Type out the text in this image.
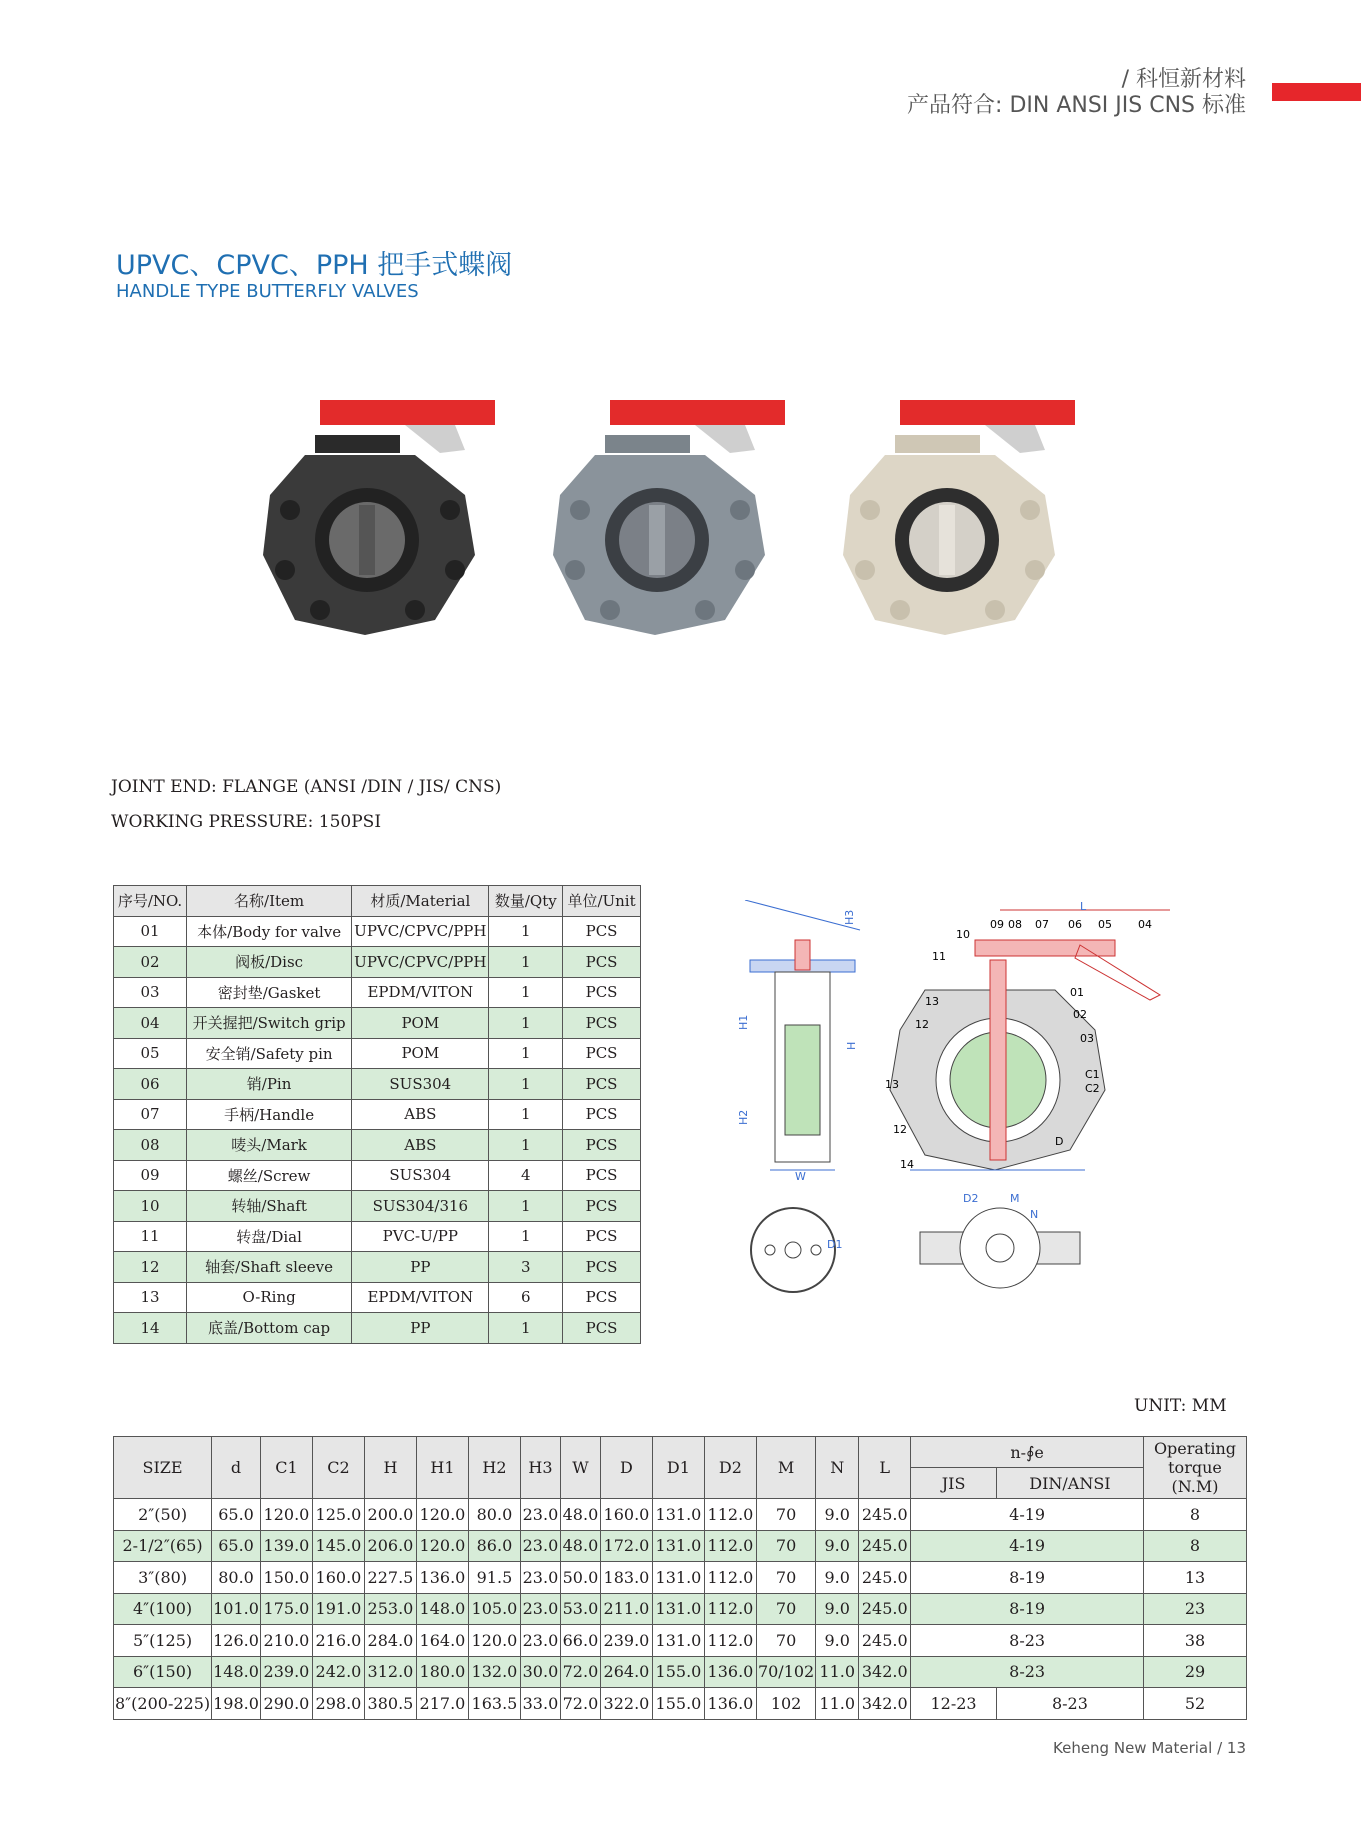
/ 科恒新材料
产品符合: DIN ANSI JIS CNS 标准
UPVC、CPVC、PPH 把手式蝶阀
HANDLE TYPE BUTTERFLY VALVES
JOINT END: FLANGE (ANSI /DIN / JIS/ CNS)
WORKING PRESSURE: 150PSI
序号/NO.	名称/Item	材质/Material	数量/Qty	单位/Unit
01	本体/Body for valve	UPVC/CPVC/PPH	1	PCS
02	阀板/Disc	UPVC/CPVC/PPH	1	PCS
03	密封垫/Gasket	EPDM/VITON	1	PCS
04	开关握把/Switch grip	POM	1	PCS
05	安全销/Safety pin	POM	1	PCS
06	销/Pin	SUS304	1	PCS
07	手柄/Handle	ABS	1	PCS
08	唛头/Mark	ABS	1	PCS
09	螺丝/Screw	SUS304	4	PCS
10	转轴/Shaft	SUS304/316	1	PCS
11	转盘/Dial	PVC-U/PP	1	PCS
12	轴套/Shaft sleeve	PP	3	PCS
13	O-Ring	EPDM/VITON	6	PCS
14	底盖/Bottom cap	PP	1	PCS
H3
H1
H
H2
W
L
09 08 07 06 05 04
10
11
01
13
12
02
03
C1
C2
13
12
14
D
D1
D2	M
N
UNIT: MM
SIZE	d	C1	C2	H	H1	H2	H3	W	D	D1	D2	M	N	L	n-∮e		Operating torque (N.M)
															JIS	DIN/ANSI	
2″(50)	65.0	120.0	125.0	200.0	120.0	80.0	23.0	48.0	160.0	131.0	112.0	70	9.0	245.0	4-19		8
2-1/2″(65)	65.0	139.0	145.0	206.0	120.0	86.0	23.0	48.0	172.0	131.0	112.0	70	9.0	245.0	4-19		8
3″(80)	80.0	150.0	160.0	227.5	136.0	91.5	23.0	50.0	183.0	131.0	112.0	70	9.0	245.0	8-19		13
4″(100)	101.0	175.0	191.0	253.0	148.0	105.0	23.0	53.0	211.0	131.0	112.0	70	9.0	245.0	8-19		23
5″(125)	126.0	210.0	216.0	284.0	164.0	120.0	23.0	66.0	239.0	131.0	112.0	70	9.0	245.0	8-23		38
6″(150)	148.0	239.0	242.0	312.0	180.0	132.0	30.0	72.0	264.0	155.0	136.0	70/102	11.0	342.0	8-23		29
8″(200-225)	198.0	290.0	298.0	380.5	217.0	163.5	33.0	72.0	322.0	155.0	136.0	102	11.0	342.0	12-23	8-23	52
Keheng New Material / 13
